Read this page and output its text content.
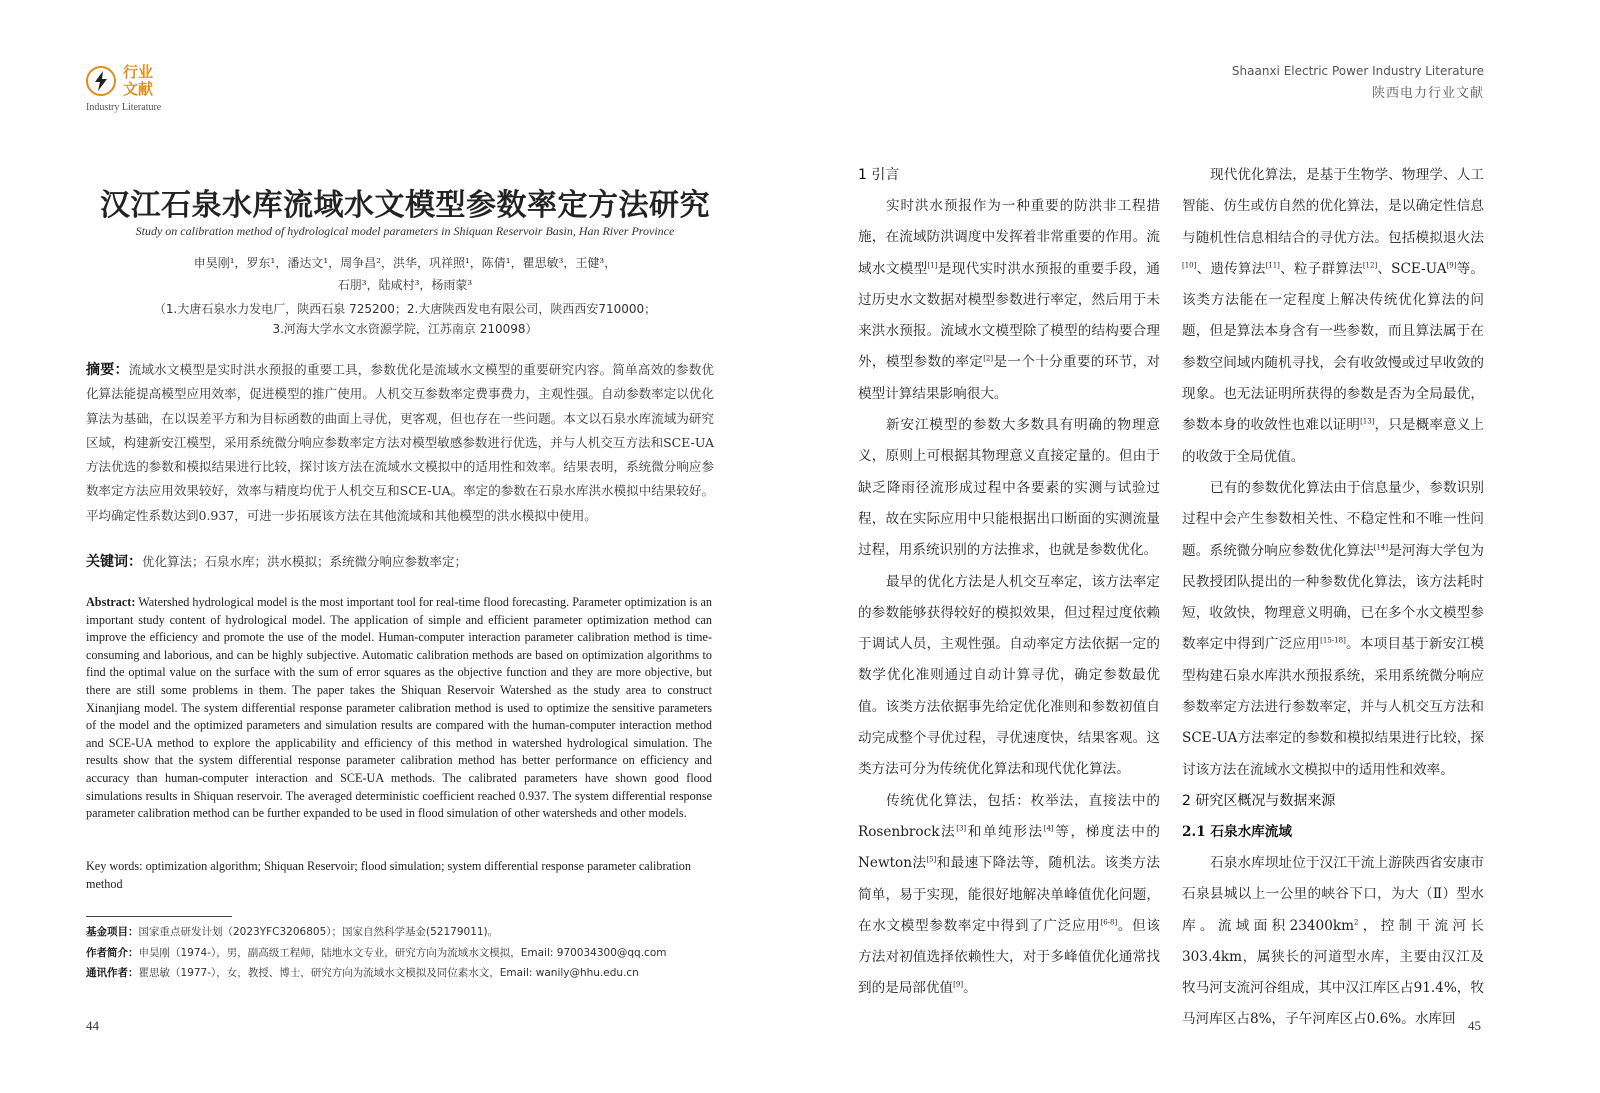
行业
文献
Industry Literature
Shaanxi Electric Power Industry Literature
陕西电力行业文献
汉江石泉水库流域水文模型参数率定方法研究
Study on calibration method of hydrological model parameters in Shiquan Reservoir Basin, Han River Province
申昊刚¹，罗东¹，潘达文¹，周争昌²，洪华，巩祥照¹，陈倩¹，瞿思敏³，王健³，
石朋³，陆咸村³，杨雨蒙³
（1.大唐石泉水力发电厂，陕西石泉 725200；2.大唐陕西发电有限公司，陕西西安710000；
3.河海大学水文水资源学院，江苏南京 210098）
摘要：流域水文模型是实时洪水预报的重要工具，参数优化是流域水文模型的重要研究内容。简单高效的参数优化算法能提高模型应用效率，促进模型的推广使用。人机交互参数率定费事费力，主观性强。自动参数率定以优化算法为基础，在以误差平方和为目标函数的曲面上寻优，更客观，但也存在一些问题。本文以石泉水库流域为研究区域，构建新安江模型，采用系统微分响应参数率定方法对模型敏感参数进行优选，并与人机交互方法和SCE-UA方法优选的参数和模拟结果进行比较，探讨该方法在流域水文模拟中的适用性和效率。结果表明，系统微分响应参数率定方法应用效果较好，效率与精度均优于人机交互和SCE-UA。率定的参数在石泉水库洪水模拟中结果较好。平均确定性系数达到0.937，可进一步拓展该方法在其他流域和其他模型的洪水模拟中使用。
关键词：优化算法；石泉水库；洪水模拟；系统微分响应参数率定；
Abstract: Watershed hydrological model is the most important tool for real-time flood forecasting. Parameter optimization is an important study content of hydrological model. The application of simple and efficient parameter optimization method can improve the efficiency and promote the use of the model. Human-computer interaction parameter calibration method is time-consuming and laborious, and can be highly subjective. Automatic calibration methods are based on optimization algorithms to find the optimal value on the surface with the sum of error squares as the objective function and they are more objective, but there are still some problems in them. The paper takes the Shiquan Reservoir Watershed as the study area to construct Xinanjiang model. The system differential response parameter calibration method is used to optimize the sensitive parameters of the model and the optimized parameters and simulation results are compared with the human-computer interaction method and SCE-UA method to explore the applicability and efficiency of this method in watershed hydrological simulation. The results show that the system differential response parameter calibration method has better performance on efficiency and accuracy than human-computer interaction and SCE-UA methods. The calibrated parameters have shown good flood simulations results in Shiquan reservoir. The averaged deterministic coefficient reached 0.937. The system differential response parameter calibration method can be further expanded to be used in flood simulation of other watersheds and other models.
Key words: optimization algorithm; Shiquan Reservoir; flood simulation; system differential response parameter calibration method
基金项目：国家重点研发计划（2023YFC3206805）；国家自然科学基金(52179011)。
作者简介：申昊刚（1974-），男，副高级工程师，陆地水文专业，研究方向为流域水文模拟，Email: 970034300@qq.com
通讯作者：瞿思敏（1977-），女，教授、博士，研究方向为流域水文模拟及同位素水文，Email: wanily@hhu.edu.cn
44	45
1 引言

实时洪水预报作为一种重要的防洪非工程措施，在流域防洪调度中发挥着非常重要的作用。流域水文模型[1]是现代实时洪水预报的重要手段，通过历史水文数据对模型参数进行率定，然后用于未来洪水预报。流域水文模型除了模型的结构要合理外，模型参数的率定[2]是一个十分重要的环节，对模型计算结果影响很大。

新安江模型的参数大多数具有明确的物理意义，原则上可根据其物理意义直接定量的。但由于缺乏降雨径流形成过程中各要素的实测与试验过程，故在实际应用中只能根据出口断面的实测流量过程，用系统识别的方法推求，也就是参数优化。

最早的优化方法是人机交互率定，该方法率定的参数能够获得较好的模拟效果，但过程过度依赖于调试人员，主观性强。自动率定方法依据一定的数学优化准则通过自动计算寻优，确定参数最优值。该类方法依据事先给定优化准则和参数初值自动完成整个寻优过程，寻优速度快，结果客观。这类方法可分为传统优化算法和现代优化算法。

传统优化算法，包括：枚举法，直接法中的Rosenbrock法[3]和单纯形法[4]等，梯度法中的Newton法[5]和最速下降法等，随机法。该类方法简单，易于实现，能很好地解决单峰值优化问题，在水文模型参数率定中得到了广泛应用[6-8]。但该方法对初值选择依赖性大，对于多峰值优化通常找到的是局部优值[9]。

现代优化算法，是基于生物学、物理学、人工智能、仿生或仿自然的优化算法，是以确定性信息与随机性信息相结合的寻优方法。包括模拟退火法[10]、遗传算法[11]、粒子群算法[12]、SCE-UA[9]等。该类方法能在一定程度上解决传统优化算法的问题，但是算法本身含有一些参数，而且算法属于在参数空间域内随机寻找，会有收敛慢或过早收敛的现象。也无法证明所获得的参数是否为全局最优，参数本身的收敛性也难以证明[13]，只是概率意义上的收敛于全局优值。

已有的参数优化算法由于信息量少，参数识别过程中会产生参数相关性、不稳定性和不唯一性问题。系统微分响应参数优化算法[14]是河海大学包为民教授团队提出的一种参数优化算法，该方法耗时短，收敛快，物理意义明确，已在多个水文模型参数率定中得到广泛应用[15-18]。本项目基于新安江模型构建石泉水库洪水预报系统，采用系统微分响应参数率定方法进行参数率定，并与人机交互方法和SCE-UA方法率定的参数和模拟结果进行比较，探讨该方法在流域水文模拟中的适用性和效率。

2 研究区概况与数据来源
2.1 石泉水库流域

石泉水库坝址位于汉江干流上游陕西省安康市石泉县城以上一公里的峡谷下口，为大（Ⅱ）型水库。流域面积$23400km^2$，控制干流河长303.4km，属狭长的河道型水库，主要由汉江及牧马河支流河谷组成，其中汉江库区占91.4%，牧马河库区占8%，子午河库区占0.6%。水库回
